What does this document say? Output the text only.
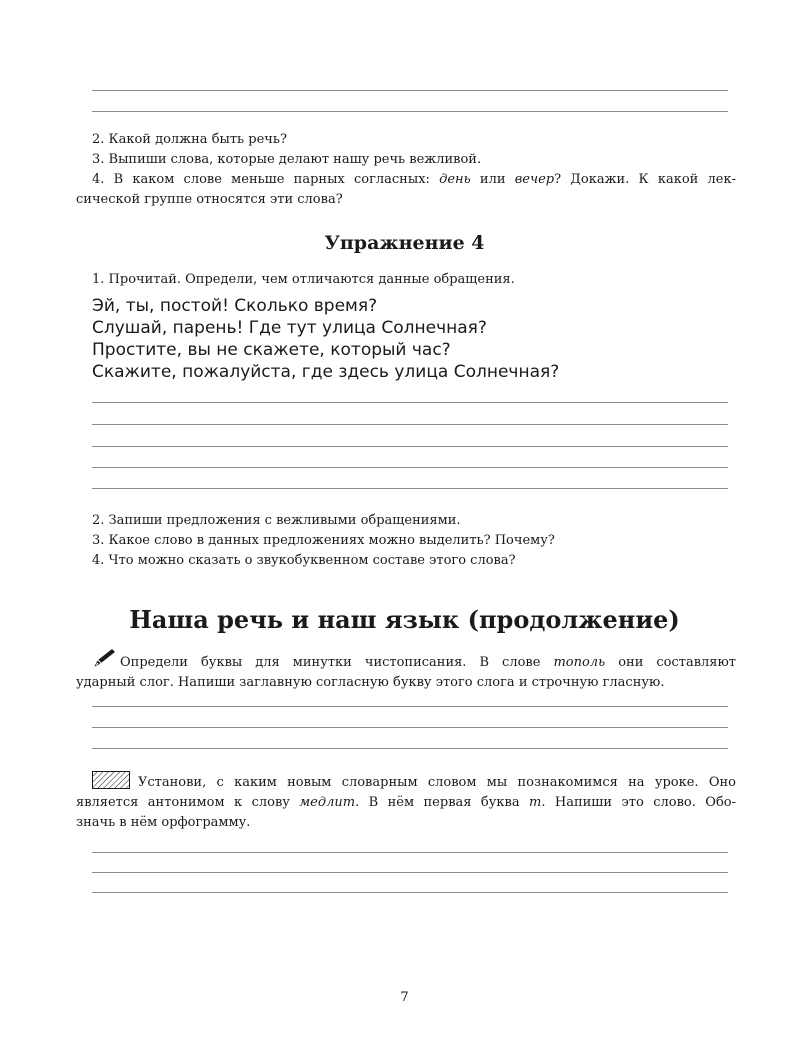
2. Какой должна быть речь?
3. Выпиши слова, которые делают нашу речь вежливой.
4. В каком слове меньше парных согласных: день или вечер? Докажи. К какой лек-
сической группе относятся эти слова?
Упражнение 4
1. Прочитай. Определи, чем отличаются данные обращения.
Эй, ты, постой! Сколько время?
Слушай, парень! Где тут улица Солнечная?
Простите, вы не скажете, который час?
Скажите, пожалуйста, где здесь улица Солнечная?
2. Запиши предложения с вежливыми обращениями.
3. Какое слово в данных предложениях можно выделить? Почему?
4. Что можно сказать о звукобуквенном составе этого слова?
Наша речь и наш язык (продолжение)
Определи буквы для минутки чистописания. В слове тополь они составляют
ударный слог. Напиши заглавную согласную букву этого слога и строчную гласную.
Установи, с каким новым словарным словом мы познакомимся на уроке. Оно
является антонимом к слову медлит. В нём первая буква т. Напиши это слово. Обо-
значь в нём орфограмму.
7
